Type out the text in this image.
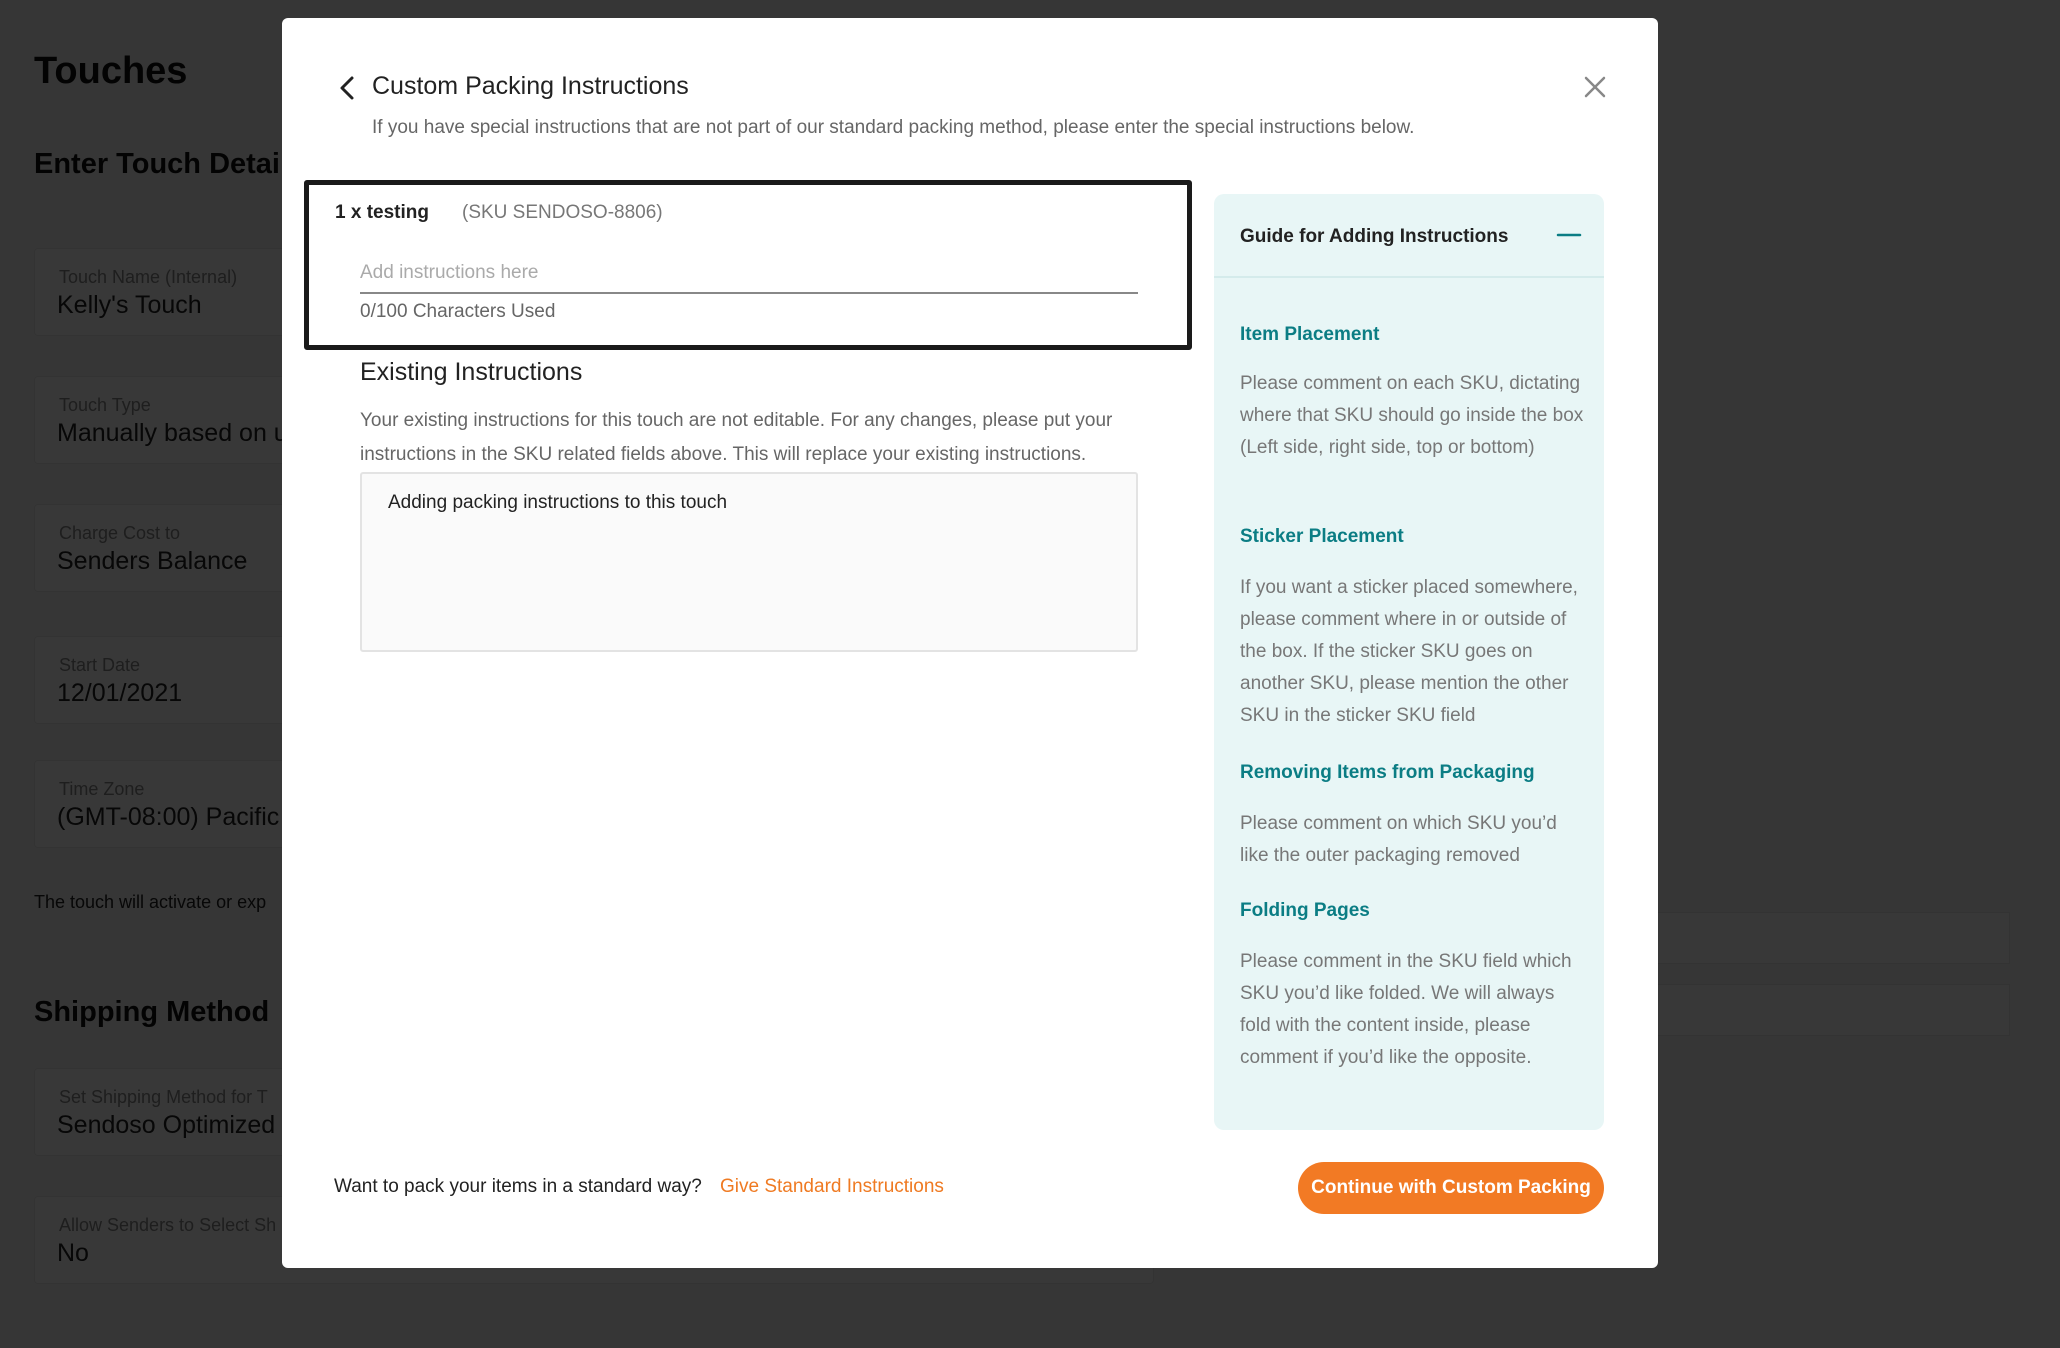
Custom Packing Instructions
If you have special instructions that are not part of our standard packing method, please enter the special instructions below.
1 x testing (SKU SENDOSO-8806)
Add instructions here
0/100 Characters Used
Existing Instructions
Your existing instructions for this touch are not editable. For any changes, please put your instructions in the SKU related fields above. This will replace your existing instructions.
Adding packing instructions to this touch
Guide for Adding Instructions
Item Placement
Please comment on each SKU, dictating where that SKU should go inside the box (Left side, right side, top or bottom)
Sticker Placement
If you want a sticker placed somewhere, please comment where in or outside of the box. If the sticker SKU goes on another SKU, please mention the other SKU in the sticker SKU field
Removing Items from Packaging
Please comment on which SKU you’d like the outer packaging removed
Folding Pages
Please comment in the SKU field which SKU you’d like folded. We will always fold with the content inside, please comment if you’d like the opposite.
Want to pack your items in a standard way? Give Standard Instructions	Continue with Custom Packing
